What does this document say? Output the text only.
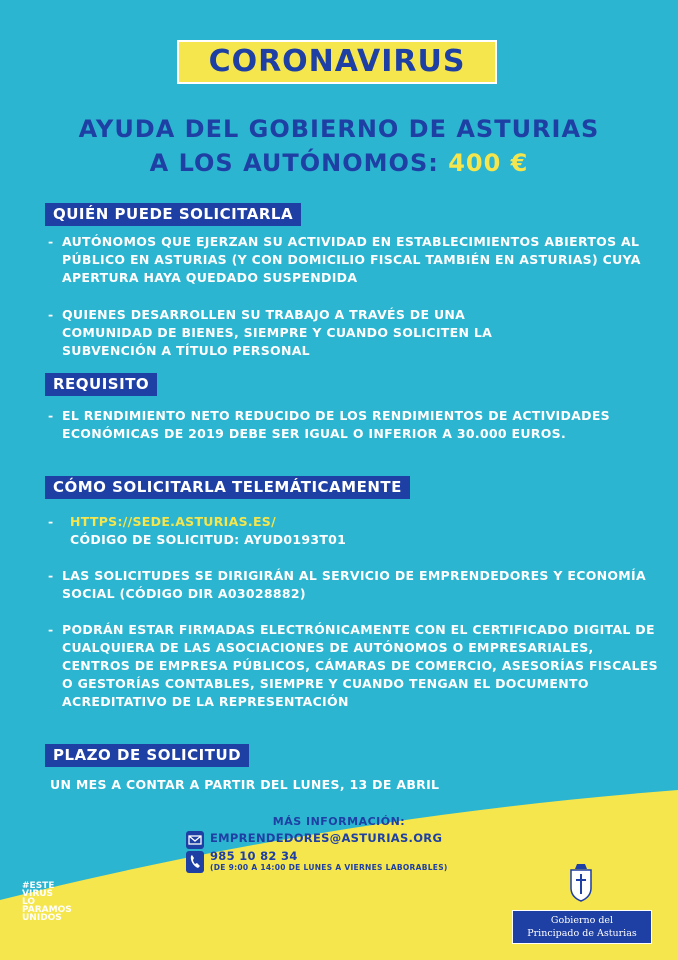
CORONAVIRUS
AYUDA DEL GOBIERNO DE ASTURIAS
A LOS AUTÓNOMOS: 400 €
QUIÉN PUEDE SOLICITARLA
- AUTÓNOMOS QUE EJERZAN SU ACTIVIDAD EN ESTABLECIMIENTOS ABIERTOS AL PÚBLICO EN ASTURIAS (Y CON DOMICILIO FISCAL TAMBIÉN EN ASTURIAS) CUYA APERTURA HAYA QUEDADO SUSPENDIDA
- QUIENES DESARROLLEN SU TRABAJO A TRAVÉS DE UNA COMUNIDAD DE BIENES, SIEMPRE Y CUANDO SOLICITEN LA SUBVENCIÓN A TÍTULO PERSONAL
REQUISITO
- EL RENDIMIENTO NETO REDUCIDO DE LOS RENDIMIENTOS DE ACTIVIDADES ECONÓMICAS DE 2019 DEBE SER IGUAL O INFERIOR A 30.000 EUROS.
CÓMO SOLICITARLA TELEMÁTICAMENTE
-	HTTPS://SEDE.ASTURIAS.ES/
CÓDIGO DE SOLICITUD: AYUD0193T01
- LAS SOLICITUDES SE DIRIGIRÁN AL SERVICIO DE EMPRENDEDORES Y ECONOMÍA SOCIAL (CÓDIGO DIR A03028882)
- PODRÁN ESTAR FIRMADAS ELECTRÓNICAMENTE CON EL CERTIFICADO DIGITAL DE CUALQUIERA DE LAS ASOCIACIONES DE AUTÓNOMOS O EMPRESARIALES, CENTROS DE EMPRESA PÚBLICOS, CÁMARAS DE COMERCIO, ASESORÍAS FISCALES O GESTORÍAS CONTABLES, SIEMPRE Y CUANDO TENGAN EL DOCUMENTO ACREDITATIVO DE LA REPRESENTACIÓN
PLAZO DE SOLICITUD
UN MES A CONTAR A PARTIR DEL LUNES, 13 DE ABRIL
MÁS INFORMACIÓN:
EMPRENDEDORES@ASTURIAS.ORG
985 10 82 34
(DE 9:00 A 14:00 DE LUNES A VIERNES LABORABLES)
#ESTE
VIRUS
LO
PARAMOS
UNIDOS	Gobierno del
Principado de Asturias
